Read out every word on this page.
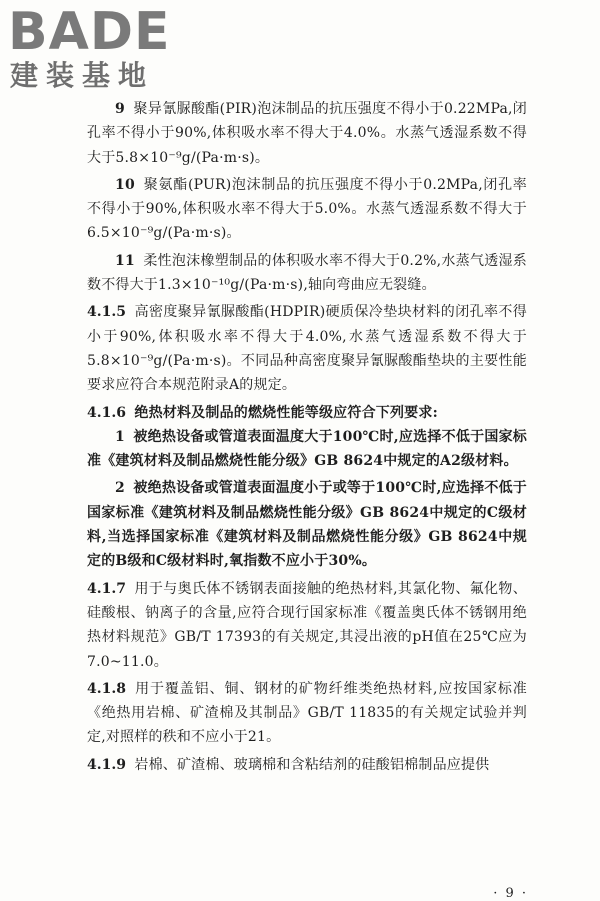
BADE
建装基地

9 聚异氰脲酸酯(PIR)泡沫制品的抗压强度不得小于0.22MPa,闭孔率不得小于90%,体积吸水率不得大于4.0%。水蒸气透湿系数不得大于5.8×10⁻⁹g/(Pa·m·s)。

10 聚氨酯(PUR)泡沫制品的抗压强度不得小于0.2MPa,闭孔率不得小于90%,体积吸水率不得大于5.0%。水蒸气透湿系数不得大于6.5×10⁻⁹g/(Pa·m·s)。

11 柔性泡沫橡塑制品的体积吸水率不得大于0.2%,水蒸气透湿系数不得大于1.3×10⁻¹⁰g/(Pa·m·s),轴向弯曲应无裂缝。

4.1.5 高密度聚异氰脲酸酯(HDPIR)硬质保冷垫块材料的闭孔率不得小于90%,体积吸水率不得大于4.0%,水蒸气透湿系数不得大于5.8×10⁻⁹g/(Pa·m·s)。不同品种高密度聚异氰脲酸酯垫块的主要性能要求应符合本规范附录A的规定。

4.1.6 绝热材料及制品的燃烧性能等级应符合下列要求:

1 被绝热设备或管道表面温度大于100℃时,应选择不低于国家标准《建筑材料及制品燃烧性能分级》GB 8624中规定的A2级材料。

2 被绝热设备或管道表面温度小于或等于100℃时,应选择不低于国家标准《建筑材料及制品燃烧性能分级》GB 8624中规定的C级材料,当选择国家标准《建筑材料及制品燃烧性能分级》GB 8624中规定的B级和C级材料时,氧指数不应小于30%。

4.1.7 用于与奥氏体不锈钢表面接触的绝热材料,其氯化物、氟化物、硅酸根、钠离子的含量,应符合现行国家标准《覆盖奥氏体不锈钢用绝热材料规范》GB/T 17393的有关规定,其浸出液的pH值在25℃应为7.0~11.0。

4.1.8 用于覆盖铝、铜、钢材的矿物纤维类绝热材料,应按国家标准《绝热用岩棉、矿渣棉及其制品》GB/T 11835的有关规定试验并判定,对照样的秩和不应小于21。

4.1.9 岩棉、矿渣棉、玻璃棉和含粘结剂的硅酸铝棉制品应提供

· 9 ·
